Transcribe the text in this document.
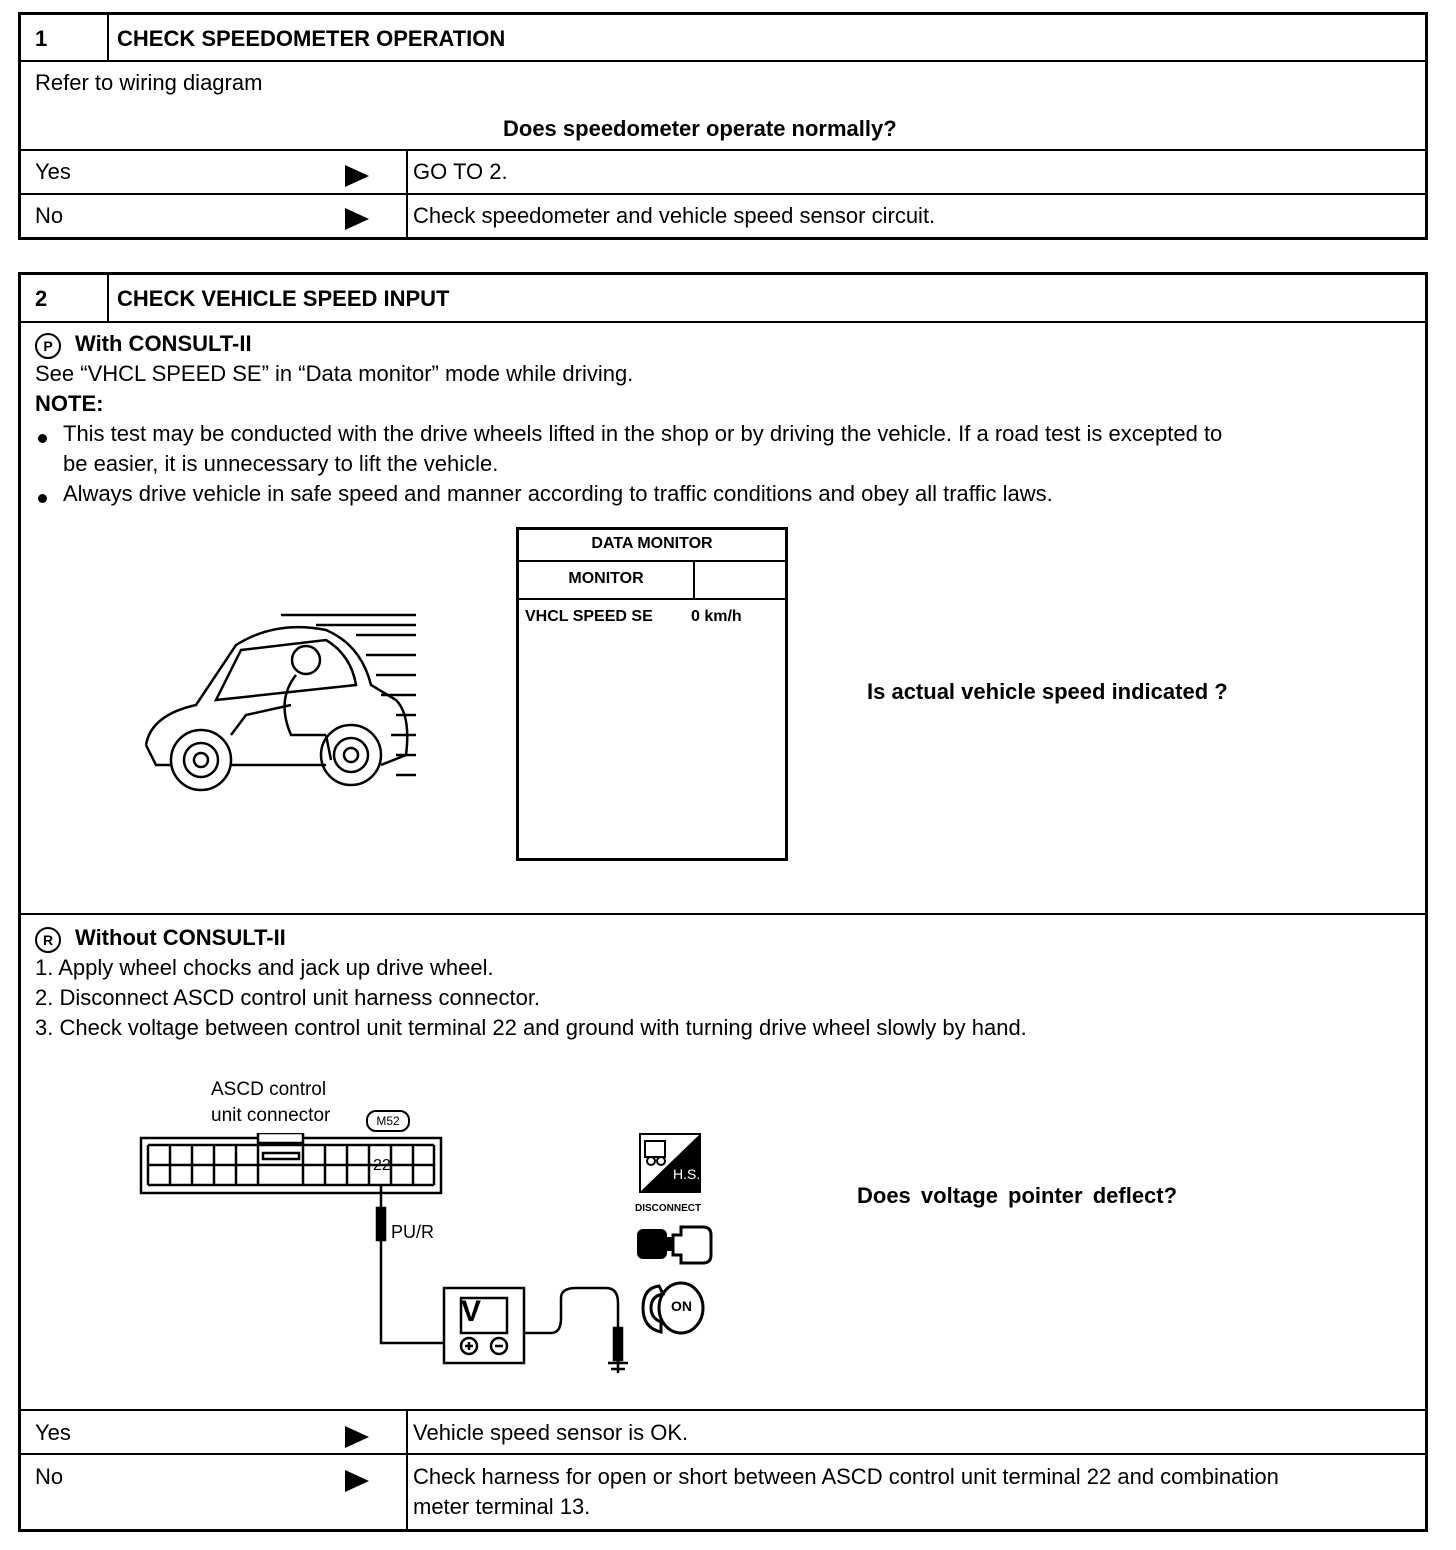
1	CHECK SPEEDOMETER OPERATION
Refer to wiring diagram
Does speedometer operate normally?
Yes	GO TO 2.
No	Check speedometer and vehicle speed sensor circuit.
2	CHECK VEHICLE SPEED INPUT
P	With CONSULT-II
See “VHCL SPEED SE” in “Data monitor” mode while driving.
NOTE:
This test may be conducted with the drive wheels lifted in the shop or by driving the vehicle. If a road test is excepted to
be easier, it is unnecessary to lift the vehicle.
Always drive vehicle in safe speed and manner according to traffic conditions and obey all traffic laws.
DATA MONITOR
MONITOR
VHCL SPEED SE 0 km/h
Is actual vehicle speed indicated ?
R Without CONSULT-II
1. Apply wheel chocks and jack up drive wheel.
2. Disconnect ASCD control unit harness connector.
3. Check voltage between control unit terminal 22 and ground with turning drive wheel slowly by hand.
ASCD control
unit connector	M52
22
PU/R
V
H.S.
DISCONNECT
ON
Does voltage pointer deflect?
Yes	Vehicle speed sensor is OK.
No	Check harness for open or short between ASCD control unit terminal 22 and combination
meter terminal 13.
